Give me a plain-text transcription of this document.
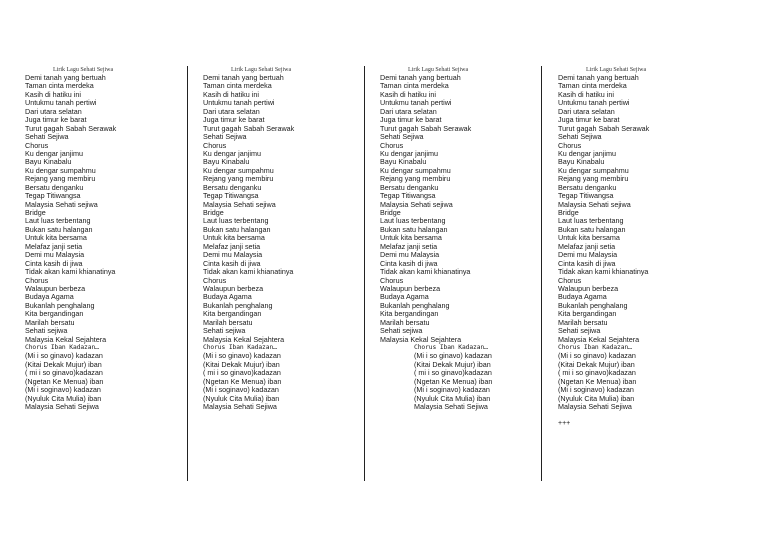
Lirik Lagu Sehati Sejiwa
Demi tanah yang bertuah
Taman cinta merdeka
Kasih di hatiku ini
Untukmu tanah pertiwi
Dari utara selatan
Juga timur ke barat
Turut gagah Sabah Serawak
Sehati Sejiwa
Chorus
Ku dengar janjimu
Bayu Kinabalu
Ku dengar sumpahmu
Rejang yang membiru
Bersatu denganku
Tegap Titiwangsa
Malaysia Sehati sejiwa
Bridge
Laut luas terbentang
Bukan satu halangan
Untuk kita bersama
Melafaz janji setia
Demi mu Malaysia
Cinta kasih di jiwa
Tidak akan kami khianatinya
Chorus
Walaupun berbeza
Budaya Agama
Bukanlah penghalang
Kita bergandingan
Marilah bersatu
Sehati sejiwa
Malaysia Kekal Sejahtera
Chorus Iban Kadazan…
(Mi i so ginavo) kadazan
(Kitai Dekak Mujur) iban
( mi i so ginavo)kadazan
(Ngetan Ke Menua) iban
(Mi i soginavo) kadazan
(Nyuluk Cita Mulia) iban
Malaysia Sehati Sejiwa
Lirik Lagu Sehati Sejiwa
Demi tanah yang bertuah
Taman cinta merdeka
Kasih di hatiku ini
Untukmu tanah pertiwi
Dari utara selatan
Juga timur ke barat
Turut gagah Sabah Serawak
Sehati Sejiwa
Chorus
Ku dengar janjimu
Bayu Kinabalu
Ku dengar sumpahmu
Rejang yang membiru
Bersatu denganku
Tegap Titiwangsa
Malaysia Sehati sejiwa
Bridge
Laut luas terbentang
Bukan satu halangan
Untuk kita bersama
Melafaz janji setia
Demi mu Malaysia
Cinta kasih di jiwa
Tidak akan kami khianatinya
Chorus
Walaupun berbeza
Budaya Agama
Bukanlah penghalang
Kita bergandingan
Marilah bersatu
Sehati sejiwa
Malaysia Kekal Sejahtera
Chorus Iban Kadazan…
(Mi i so ginavo) kadazan
(Kitai Dekak Mujur) iban
( mi i so ginavo)kadazan
(Ngetan Ke Menua) iban
(Mi i soginavo) kadazan
(Nyuluk Cita Mulia) iban
Malaysia Sehati Sejiwa
Lirik Lagu Sehati Sejiwa
Demi tanah yang bertuah
Taman cinta merdeka
Kasih di hatiku ini
Untukmu tanah pertiwi
Dari utara selatan
Juga timur ke barat
Turut gagah Sabah Serawak
Sehati Sejiwa
Chorus
Ku dengar janjimu
Bayu Kinabalu
Ku dengar sumpahmu
Rejang yang membiru
Bersatu denganku
Tegap Titiwangsa
Malaysia Sehati sejiwa
Bridge
Laut luas terbentang
Bukan satu halangan
Untuk kita bersama
Melafaz janji setia
Demi mu Malaysia
Cinta kasih di jiwa
Tidak akan kami khianatinya
Chorus
Walaupun berbeza
Budaya Agama
Bukanlah penghalang
Kita bergandingan
Marilah bersatu
Sehati sejiwa
Malaysia Kekal Sejahtera
Chorus Iban Kadazan…
(Mi i so ginavo) kadazan
(Kitai Dekak Mujur) iban
( mi i so ginavo)kadazan
(Ngetan Ke Menua) iban
(Mi i soginavo) kadazan
(Nyuluk Cita Mulia) iban
Malaysia Sehati Sejiwa
Lirik Lagu Sehati Sejiwa
Demi tanah yang bertuah
Taman cinta merdeka
Kasih di hatiku ini
Untukmu tanah pertiwi
Dari utara selatan
Juga timur ke barat
Turut gagah Sabah Serawak
Sehati Sejiwa
Chorus
Ku dengar janjimu
Bayu Kinabalu
Ku dengar sumpahmu
Rejang yang membiru
Bersatu denganku
Tegap Titiwangsa
Malaysia Sehati sejiwa
Bridge
Laut luas terbentang
Bukan satu halangan
Untuk kita bersama
Melafaz janji setia
Demi mu Malaysia
Cinta kasih di jiwa
Tidak akan kami khianatinya
Chorus
Walaupun berbeza
Budaya Agama
Bukanlah penghalang
Kita bergandingan
Marilah bersatu
Sehati sejiwa
Malaysia Kekal Sejahtera
Chorus Iban Kadazan…
(Mi i so ginavo) kadazan
(Kitai Dekak Mujur) iban
( mi i so ginavo)kadazan
(Ngetan Ke Menua) iban
(Mi i soginavo) kadazan
(Nyuluk Cita Mulia) iban
Malaysia Sehati Sejiwa
+++
